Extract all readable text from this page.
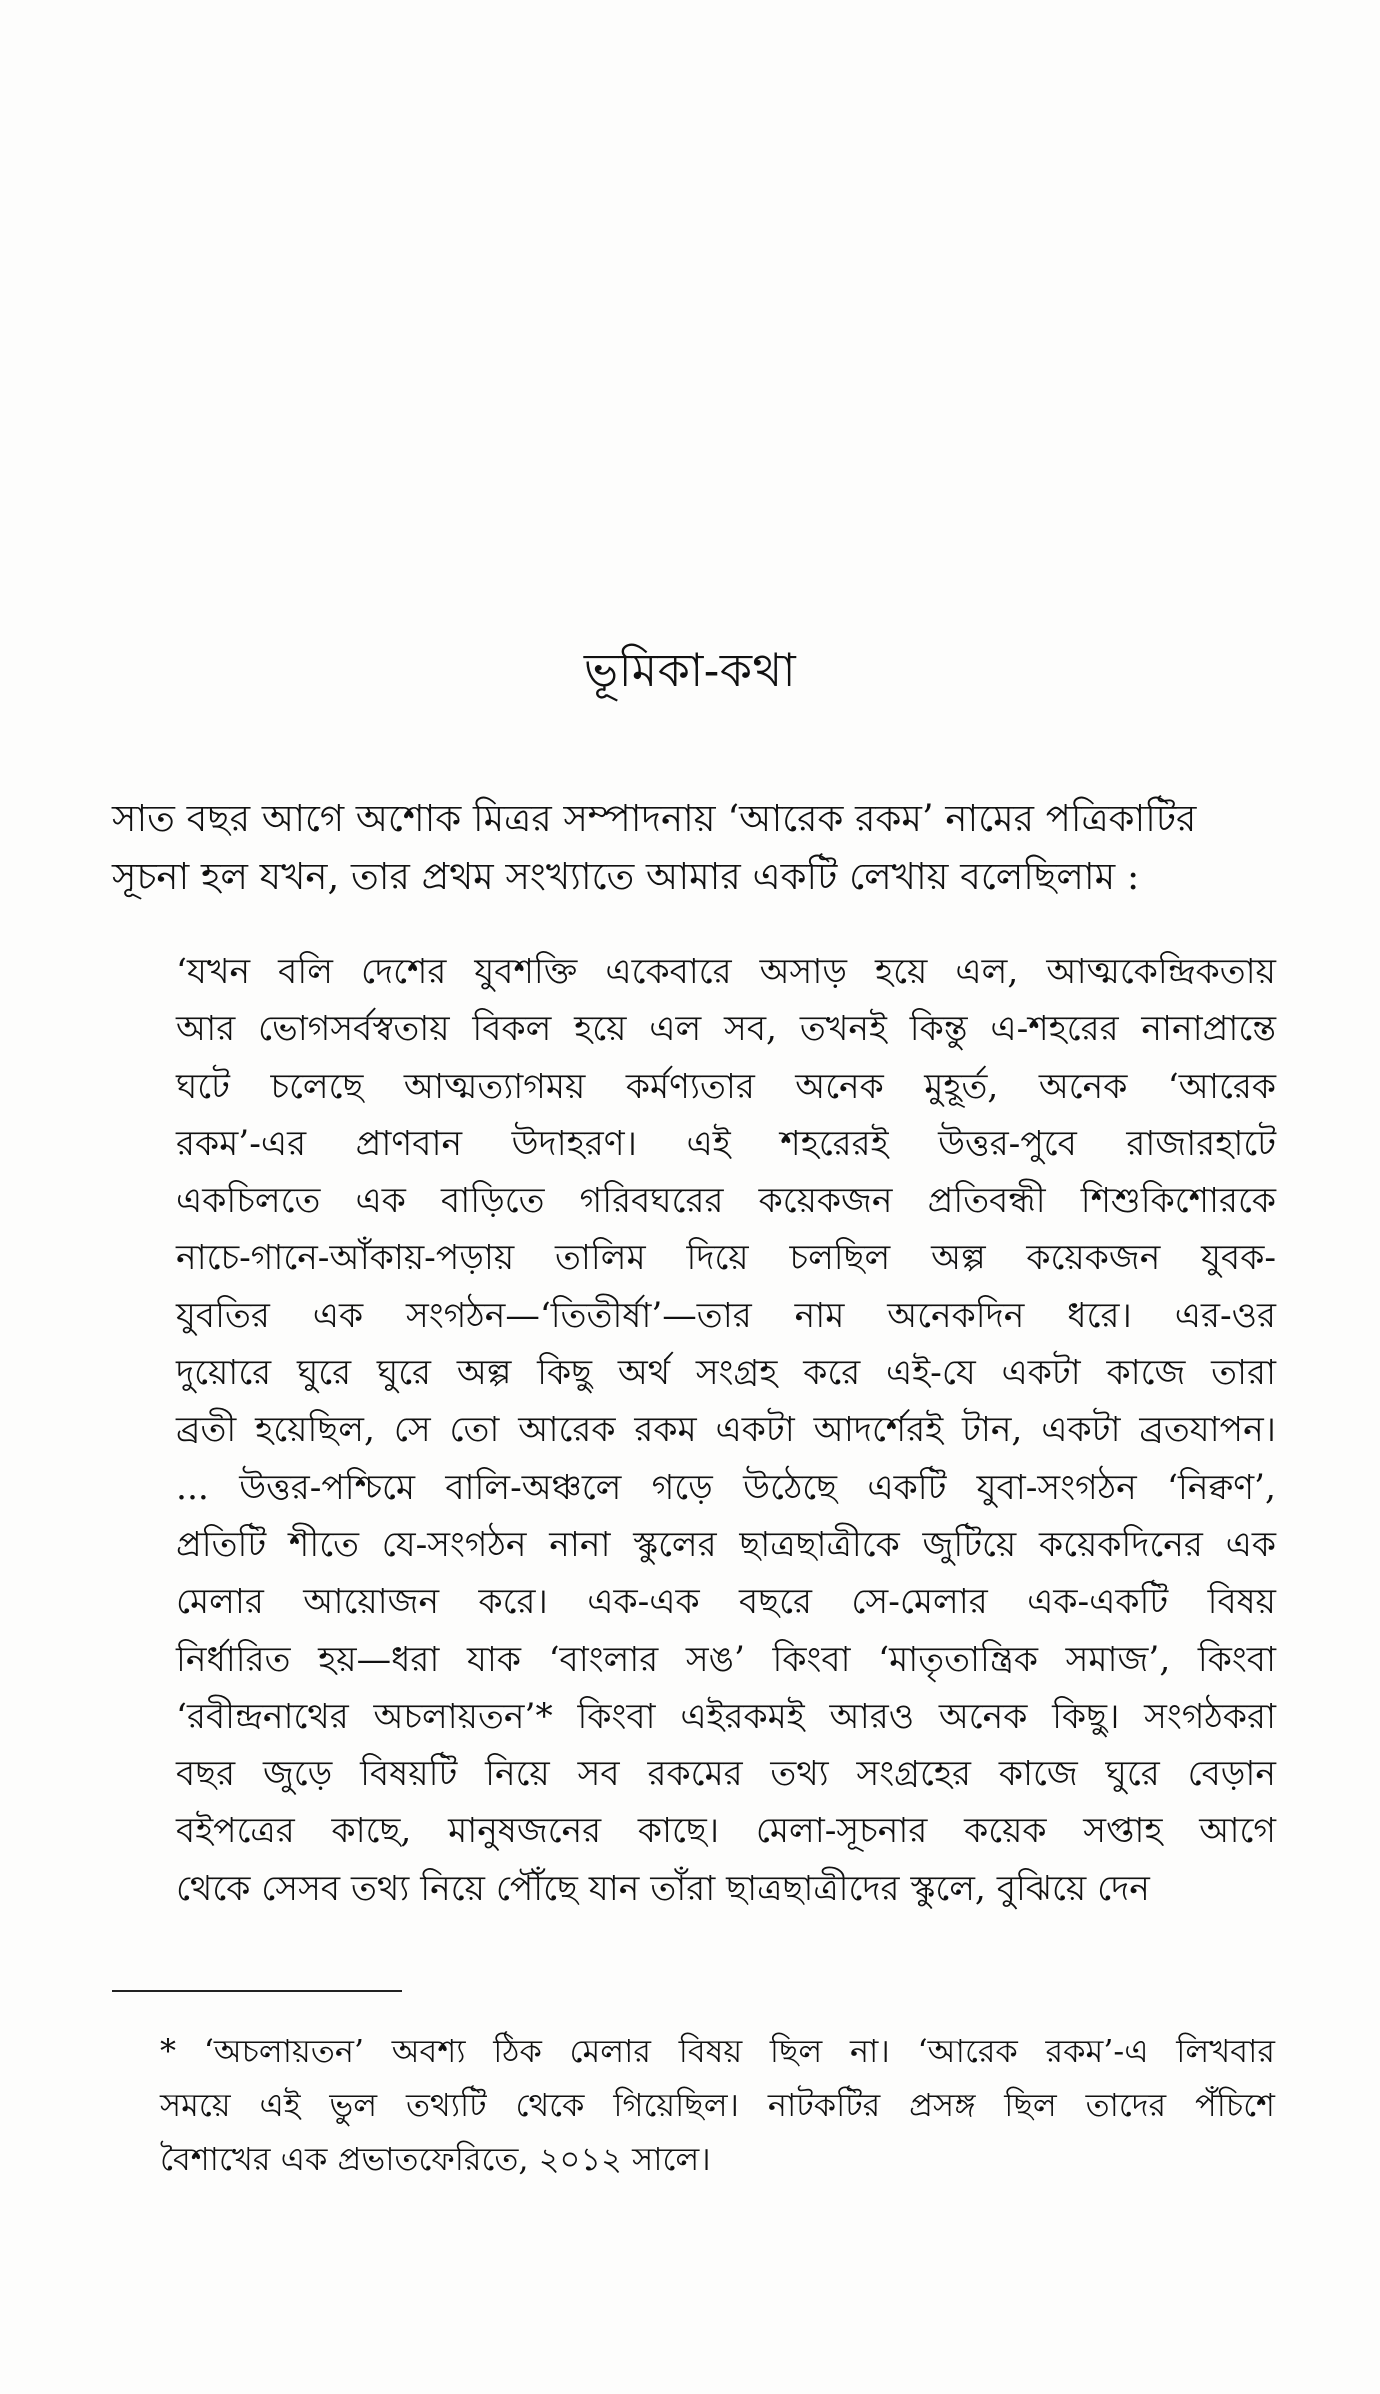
ভূমিকা-কথা
সাত বছর আগে অশোক মিত্রর সম্পাদনায় ‘আরেক রকম’ নামের পত্রিকাটির
সূচনা হল যখন, তার প্রথম সংখ্যাতে আমার একটি লেখায় বলেছিলাম :
‘যখন বলি দেশের যুবশক্তি একেবারে অসাড় হয়ে এল, আত্মকেন্দ্রিকতায়
আর ভোগসর্বস্বতায় বিকল হয়ে এল সব, তখনই কিন্তু এ-শহরের নানাপ্রান্তে
ঘটে চলেছে আত্মত্যাগময় কর্মণ্যতার অনেক মুহূর্ত, অনেক ‘আরেক
রকম’-এর প্রাণবান উদাহরণ। এই শহরেরই উত্তর-পুবে রাজারহাটে
একচিলতে এক বাড়িতে গরিবঘরের কয়েকজন প্রতিবন্ধী শিশুকিশোরকে
নাচে-গানে-আঁকায়-পড়ায় তালিম দিয়ে চলছিল অল্প কয়েকজন যুবক-
যুবতির এক সংগঠন—‘তিতীর্ষা’—তার নাম অনেকদিন ধরে। এর-ওর
দুয়োরে ঘুরে ঘুরে অল্প কিছু অর্থ সংগ্রহ করে এই-যে একটা কাজে তারা
ব্রতী হয়েছিল, সে তো আরেক রকম একটা আদর্শেরই টান, একটা ব্রতযাপন।
... উত্তর-পশ্চিমে বালি-অঞ্চলে গড়ে উঠেছে একটি যুবা-সংগঠন ‘নিক্বণ’,
প্রতিটি শীতে যে-সংগঠন নানা স্কুলের ছাত্রছাত্রীকে জুটিয়ে কয়েকদিনের এক
মেলার আয়োজন করে। এক-এক বছরে সে-মেলার এক-একটি বিষয়
নির্ধারিত হয়—ধরা যাক ‘বাংলার সঙ’ কিংবা ‘মাতৃতান্ত্রিক সমাজ’, কিংবা
‘রবীন্দ্রনাথের অচলায়তন’* কিংবা এইরকমই আরও অনেক কিছু। সংগঠকরা
বছর জুড়ে বিষয়টি নিয়ে সব রকমের তথ্য সংগ্রহের কাজে ঘুরে বেড়ান
বইপত্রের কাছে, মানুষজনের কাছে। মেলা-সূচনার কয়েক সপ্তাহ আগে
থেকে সেসব তথ্য নিয়ে পৌঁছে যান তাঁরা ছাত্রছাত্রীদের স্কুলে, বুঝিয়ে দেন
* ‘অচলায়তন’ অবশ্য ঠিক মেলার বিষয় ছিল না। ‘আরেক রকম’-এ লিখবার
সময়ে এই ভুল তথ্যটি থেকে গিয়েছিল। নাটকটির প্রসঙ্গ ছিল তাদের পঁচিশে
বৈশাখের এক প্রভাতফেরিতে, ২০১২ সালে।
